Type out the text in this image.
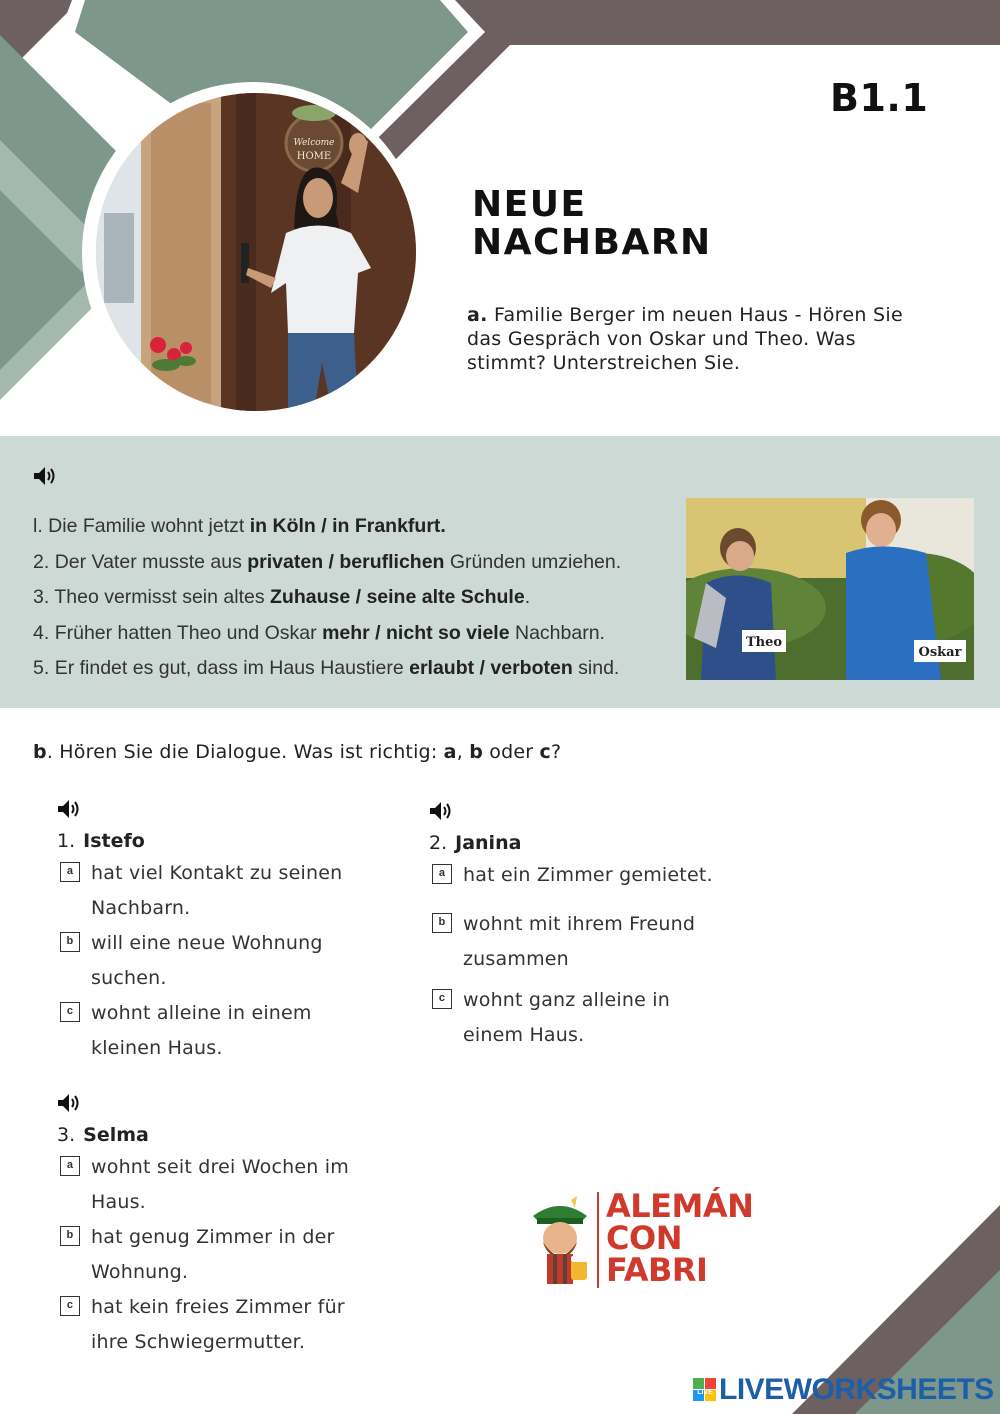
B1.1
NEUE
NACHBARN
a. Familie Berger im neuen Haus - Hören Sie das Gespräch von Oskar und Theo. Was stimmt? Unterstreichen Sie.
Welcome
HOME
l. Die Familie wohnt jetzt in Köln / in Frankfurt.
2. Der Vater musste aus privaten / beruflichen Gründen umziehen.
3. Theo vermisst sein altes Zuhause / seine alte Schule.
4. Früher hatten Theo und Oskar mehr / nicht so viele Nachbarn.
5. Er findet es gut, dass im Haus Haustiere erlaubt / verboten sind.
Theo
Oskar
b. Hören Sie die Dialogue. Was ist richtig: a, b oder c?
1. Istefo
a hat viel Kontakt zu seinen
Nachbarn.
b will eine neue Wohnung
suchen.
c wohnt alleine in einem
kleinen Haus.
2. Janina
a hat ein Zimmer gemietet.
b wohnt mit ihrem Freund
zusammen
c wohnt ganz alleine in
einem Haus.
3. Selma
a wohnt seit drei Wochen im
Haus.
b hat genug Zimmer in der
Wohnung.
c hat kein freies Zimmer für
ihre Schwiegermutter.
ALEMÁN
CON
FABRI
LIVE LIVEWORKSHEETS
